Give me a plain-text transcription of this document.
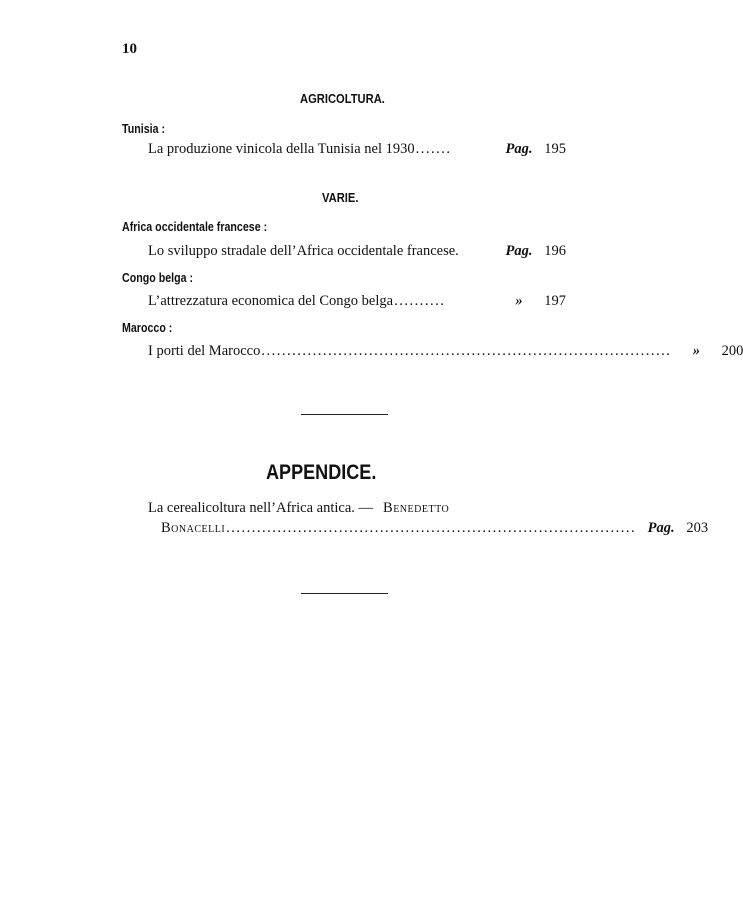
10
AGRICOLTURA.
Tunisia :
La produzione vinicola della Tunisia nel 1930 .......	Pag. 195
VARIE.
Africa occidentale francese :
Lo sviluppo stradale dell’Africa occidentale francese.	Pag. 196
Congo belga :
L’attrezzatura economica del Congo belga ..........	»	197
Marocco :
I porti del Marocco ................................................................................	»	200
APPENDICE.
La cerealicoltura nell’Africa antica. — Benedetto
Bonacelli ................................................................................ Pag. 203
